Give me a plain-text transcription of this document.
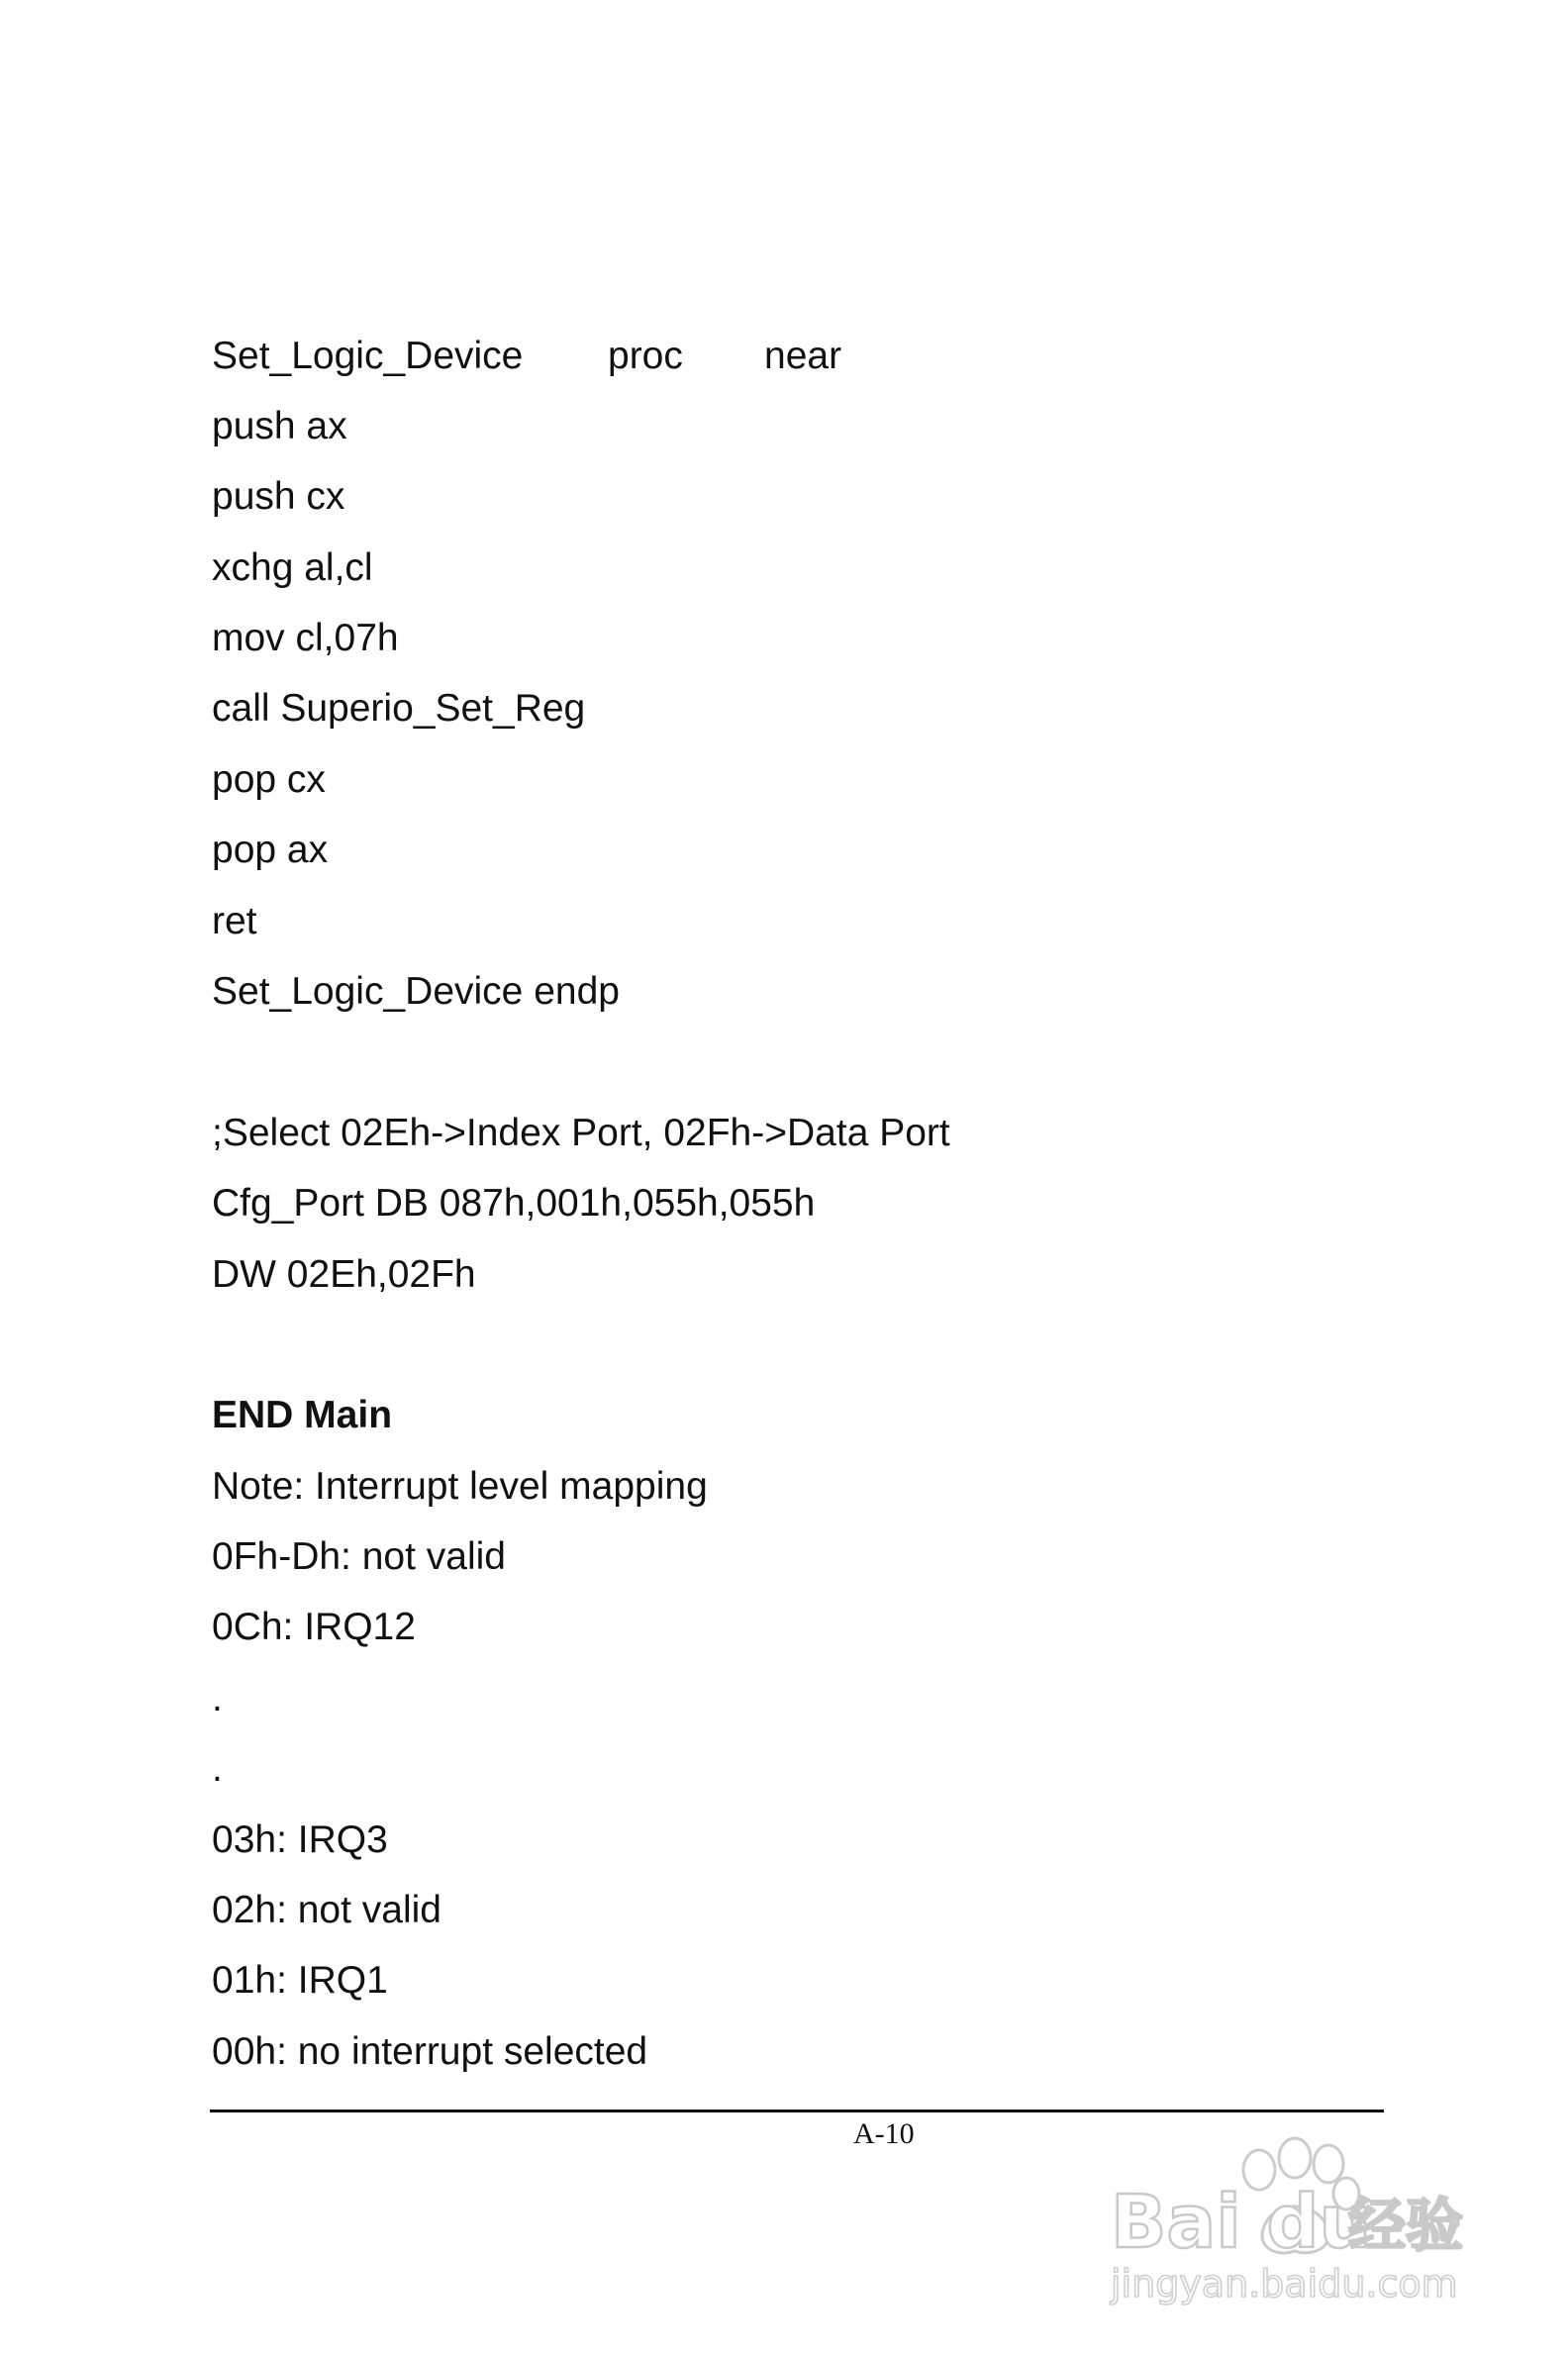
Set_Logic_Device proc near
push ax
push cx
xchg al,cl
mov cl,07h
call Superio_Set_Reg
pop cx
pop ax
ret
Set_Logic_Device endp
;Select 02Eh->Index Port, 02Fh->Data Port
Cfg_Port DB 087h,001h,055h,055h
DW 02Eh,02Fh
END Main
Note: Interrupt level mapping
0Fh-Dh: not valid
0Ch: IRQ12
.
.
03h: IRQ3
02h: not valid
01h: IRQ1
00h: no interrupt selected
A-10
Bai du
经验
jingyan.baidu.com
